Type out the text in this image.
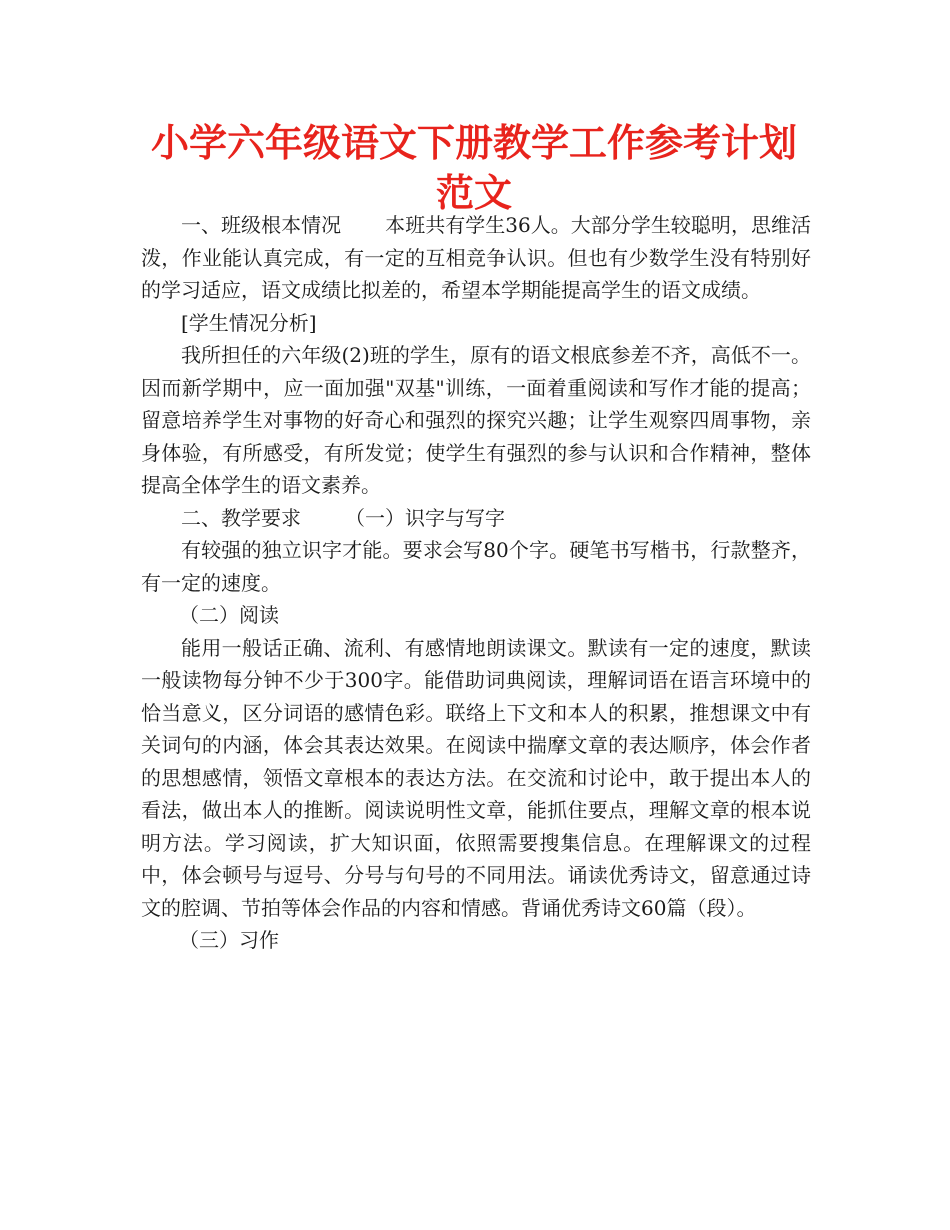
小学六年级语文下册教学工作参考计划范文

一、班级根本情况 本班共有学生36人。大部分学生较聪明，思维活泼，作业能认真完成，有一定的互相竞争认识。但也有少数学生没有特别好的学习适应，语文成绩比拟差的，希望本学期能提高学生的语文成绩。

[学生情况分析]

我所担任的六年级(2)班的学生，原有的语文根底参差不齐，高低不一。因而新学期中，应一面加强"双基"训练，一面着重阅读和写作才能的提高；留意培养学生对事物的好奇心和强烈的探究兴趣；让学生观察四周事物，亲身体验，有所感受，有所发觉；使学生有强烈的参与认识和合作精神，整体提高全体学生的语文素养。

二、教学要求 （一）识字与写字

有较强的独立识字才能。要求会写80个字。硬笔书写楷书，行款整齐，有一定的速度。

（二）阅读

能用一般话正确、流利、有感情地朗读课文。默读有一定的速度，默读一般读物每分钟不少于300字。能借助词典阅读，理解词语在语言环境中的恰当意义，区分词语的感情色彩。联络上下文和本人的积累，推想课文中有关词句的内涵，体会其表达效果。在阅读中揣摩文章的表达顺序，体会作者的思想感情，领悟文章根本的表达方法。在交流和讨论中，敢于提出本人的看法，做出本人的推断。阅读说明性文章，能抓住要点，理解文章的根本说明方法。学习阅读，扩大知识面，依照需要搜集信息。在理解课文的过程中，体会顿号与逗号、分号与句号的不同用法。诵读优秀诗文，留意通过诗文的腔调、节拍等体会作品的内容和情感。背诵优秀诗文60篇（段）。

（三）习作
